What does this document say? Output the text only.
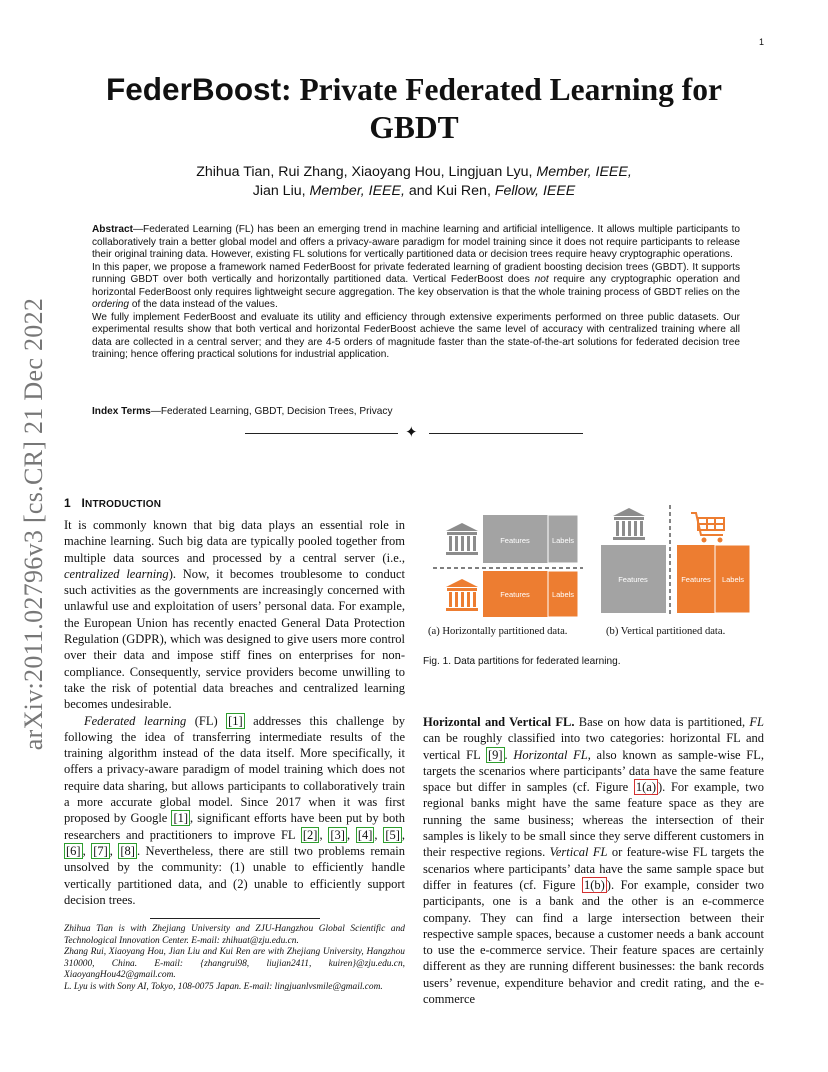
1
arXiv:2011.02796v3 [cs.CR] 21 Dec 2022
FederBoost: Private Federated Learning for
GBDT
Zhihua Tian, Rui Zhang, Xiaoyang Hou, Lingjuan Lyu, Member, IEEE,
Jian Liu, Member, IEEE, and Kui Ren, Fellow, IEEE

Abstract—Federated Learning (FL) has been an emerging trend in machine learning and artificial intelligence. It allows multiple participants to collaboratively train a better global model and offers a privacy-aware paradigm for model training since it does not require participants to release their original training data. However, existing FL solutions for vertically partitioned data or decision trees require heavy cryptographic operations.

In this paper, we propose a framework named FederBoost for private federated learning of gradient boosting decision trees (GBDT). It supports running GBDT over both vertically and horizontally partitioned data. Vertical FederBoost does not require any cryptographic operation and horizontal FederBoost only requires lightweight secure aggregation. The key observation is that the whole training process of GBDT relies on the ordering of the data instead of the values.

We fully implement FederBoost and evaluate its utility and efficiency through extensive experiments performed on three public datasets. Our experimental results show that both vertical and horizontal FederBoost achieve the same level of accuracy with centralized training where all data are collected in a central server; and they are 4-5 orders of magnitude faster than the state-of-the-art solutions for federated decision tree training; hence offering practical solutions for industrial application.

Index Terms—Federated Learning, GBDT, Decision Trees, Privacy
✦
1 INTRODUCTION

It is commonly known that big data plays an essential role in machine learning. Such big data are typically pooled together from multiple data sources and processed by a central server (i.e., centralized learning). Now, it becomes troublesome to conduct such activities as the governments are increasingly concerned with unlawful use and exploitation of users’ personal data. For example, the European Union has recently enacted General Data Protection Regulation (GDPR), which was designed to give users more control over their data and impose stiff fines on enterprises for non-compliance. Consequently, service providers become unwilling to take the risk of potential data breaches and centralized learning becomes undesirable.

Federated learning (FL) [1] addresses this challenge by following the idea of transferring intermediate results of the training algorithm instead of the data itself. More specifically, it offers a privacy-aware paradigm of model training which does not require data sharing, but allows participants to collaboratively train a more accurate global model. Since 2017 when it was first proposed by Google [1] , significant efforts have been put by both researchers and practitioners to improve FL [2] , [3] , [4] , [5] , [6] , [7] , [8] . Nevertheless, there are still two problems remain unsolved by the community: (1) unable to efficiently handle vertically partitioned data, and (2) unable to efficiently support decision trees.

Zhihua Tian is with Zhejiang University and ZJU-Hangzhou Global Scientific and Technological Innovation Center. E-mail: zhihuat@zju.edu.cn.

Zhang Rui, Xiaoyang Hou, Jian Liu and Kui Ren are with Zhejiang University, Hangzhou 310000, China. E-mail: {zhangrui98, liujian2411, kuiren}@zju.edu.cn, XiaoyangHou42@gmail.com.

L. Lyu is with Sony AI, Tokyo, 108-0075 Japan. E-mail: lingjuanlvsmile@gmail.com.

Features	Labels
Features	Labels
Features	Features Labels
(a) Horizontally partitioned data.	(b) Vertical partitioned data.
Fig. 1. Data partitions for federated learning.

Horizontal and Vertical FL. Base on how data is partitioned, FL can be roughly classified into two categories: horizontal FL and vertical FL [9] . Horizontal FL, also known as sample-wise FL, targets the scenarios where participants’ data have the same feature space but differ in samples (cf. Figure 1(a) ). For example, two regional banks might have the same feature space as they are running the same business; whereas the intersection of their samples is likely to be small since they serve different customers in their respective regions. Vertical FL or feature-wise FL targets the scenarios where participants’ data have the same sample space but differ in features (cf. Figure 1(b) ). For example, consider two participants, one is a bank and the other is an e-commerce company. They can find a large intersection between their respective sample spaces, because a customer needs a bank account to use the e-commerce service. Their feature spaces are certainly different as they are running different businesses: the bank records users’ revenue, expenditure behavior and credit rating, and the e-commerce
